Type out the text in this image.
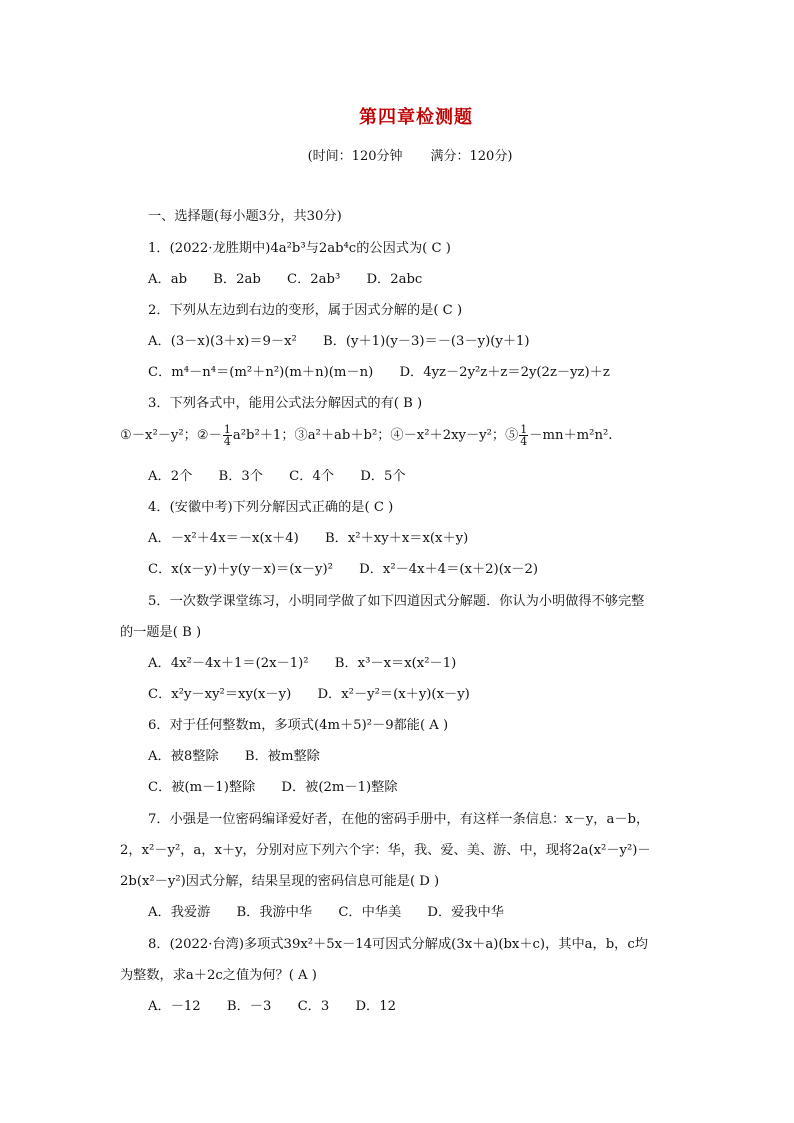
第四章检测题
(时间：120分钟 满分：120分)
一、选择题(每小题3分，共30分)
1．(2022·龙胜期中)4a²b³与2ab⁴c的公因式为( C )
A．ab B．2ab C．2ab³ D．2abc
2．下列从左边到右边的变形，属于因式分解的是( C )
A．(3－x)(3＋x)＝9－x² B．(y＋1)(y－3)＝－(3－y)(y＋1)
C．m⁴－n⁴＝(m²＋n²)(m＋n)(m－n) D．4yz－2y²z＋z＝2y(2z－yz)＋z
3．下列各式中，能用公式法分解因式的有( B )
①－x²－y²；②－ $\frac{1}{4} a^2b^2+1$；③a²＋ab＋b²；④－x²＋2xy－y²；⑤ $\frac{1}{4} -mn+m^2n^2$.
A．2个 B．3个 C．4个 D．5个
4．(安徽中考)下列分解因式正确的是( C )
A．－x²＋4x＝－x(x＋4) B．x²＋xy＋x＝x(x＋y)
C．x(x－y)＋y(y－x)＝(x－y)² D．x²－4x＋4＝(x＋2)(x－2)
5．一次数学课堂练习，小明同学做了如下四道因式分解题．你认为小明做得不够完整
的一题是( B )
A．4x²－4x＋1＝(2x－1)² B．x³－x＝x(x²－1)
C．x²y－xy²＝xy(x－y) D．x²－y²＝(x＋y)(x－y)
6．对于任何整数m，多项式(4m＋5)²－9都能( A )
A．被8整除 B．被m整除
C．被(m－1)整除 D．被(2m－1)整除
7．小强是一位密码编译爱好者，在他的密码手册中，有这样一条信息：x－y，a－b，
2，x²－y²，a，x＋y，分别对应下列六个字：华，我、爱、美、游、中，现将2a(x²－y²)－
2b(x²－y²)因式分解，结果呈现的密码信息可能是( D )
A．我爱游 B．我游中华 C．中华美 D．爱我中华
8．(2022·台湾)多项式39x²＋5x－14可因式分解成(3x＋a)(bx＋c)，其中a，b，c均
为整数，求a＋2c之值为何？( A )
A．－12 B．－3 C．3 D．12
